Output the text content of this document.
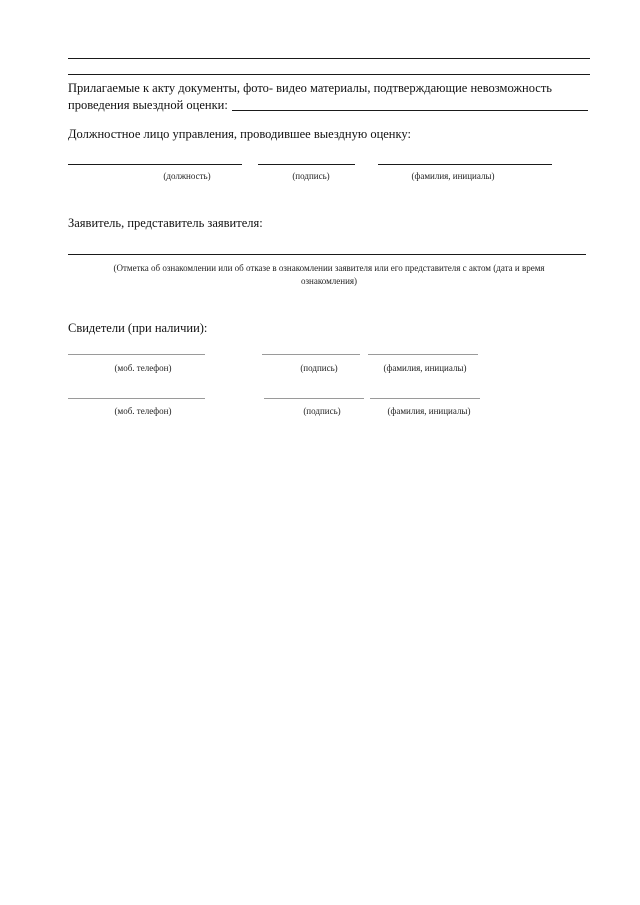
Прилагаемые к акту документы, фото- видео материалы, подтверждающие невозможность
проведения выездной оценки:
Должностное лицо управления, проводившее выездную оценку:
(должность)	(подпись)	(фамилия, инициалы)
Заявитель, представитель заявителя:
(Отметка об ознакомлении или об отказе в ознакомлении заявителя или его представителя с актом (дата и время
ознакомления)
Свидетели (при наличии):
(моб. телефон)	(подпись)	(фамилия, инициалы)
(моб. телефон)	(подпись)	(фамилия, инициалы)
